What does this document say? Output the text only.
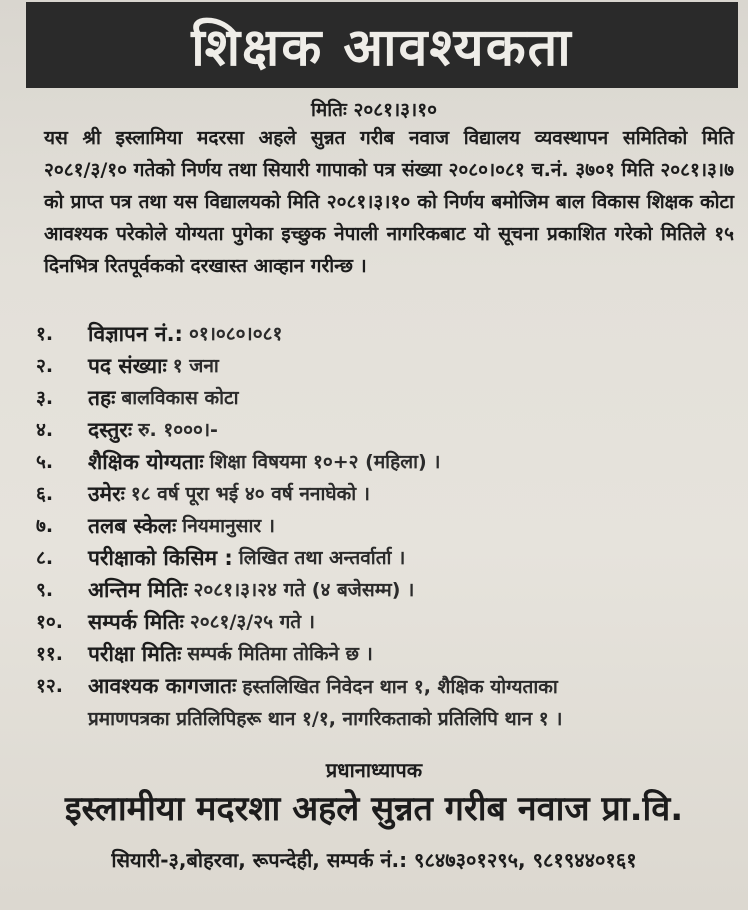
शिक्षक आवश्यकता
मितिः २०८१।३।१०
यस श्री इस्लामिया मदरसा अहले सुन्नत गरीब नवाज विद्यालय व्यवस्थापन समितिको मिति २०८१/३/१० गतेको निर्णय तथा सियारी गापाको पत्र संख्या २०८०।०८१ च.नं. ३७०१ मिति २०८१।३।७ को प्राप्त पत्र तथा यस विद्यालयको मिति २०८१।३।१० को निर्णय बमोजिम बाल विकास शिक्षक कोटा आवश्यक परेकोले योग्यता पुगेका इच्छुक नेपाली नागरिकबाट यो सूचना प्रकाशित गरेको मितिले १५ दिनभित्र रितपूर्वकको दरखास्त आव्हान गरीन्छ ।
१.	विज्ञापन नं.: ०१।०८०।०८१
२.	पद संख्याः १ जना
३.	तहः बालविकास कोटा
४.	दस्तुरः रु. १०००।-
५.	शैक्षिक योग्यताः शिक्षा विषयमा १०+२ (महिला) ।
६.	उमेरः १८ वर्ष पूरा भई ४० वर्ष ननाघेको ।
७.	तलब स्केलः नियमानुसार ।
८.	परीक्षाको किसिम : लिखित तथा अन्तर्वार्ता ।
९.	अन्तिम मितिः २०८१।३।२४ गते (४ बजेसम्म) ।
१०.	सम्पर्क मितिः २०८१/३/२५ गते ।
११.	परीक्षा मितिः सम्पर्क मितिमा तोकिने छ ।
१२.	आवश्यक कागजातः हस्तलिखित निवेदन थान १, शैक्षिक योग्यताका
प्रमाणपत्रका प्रतिलिपिहरू थान १/१, नागरिकताको प्रतिलिपि थान १ ।
प्रधानाध्यापक
इस्लामीया मदरशा अहले सुन्नत गरीब नवाज प्रा.वि.
सियारी-३,बोहरवा, रूपन्देही, सम्पर्क नं.: ९८४७३०१२९५, ९८१९४४०१६१
